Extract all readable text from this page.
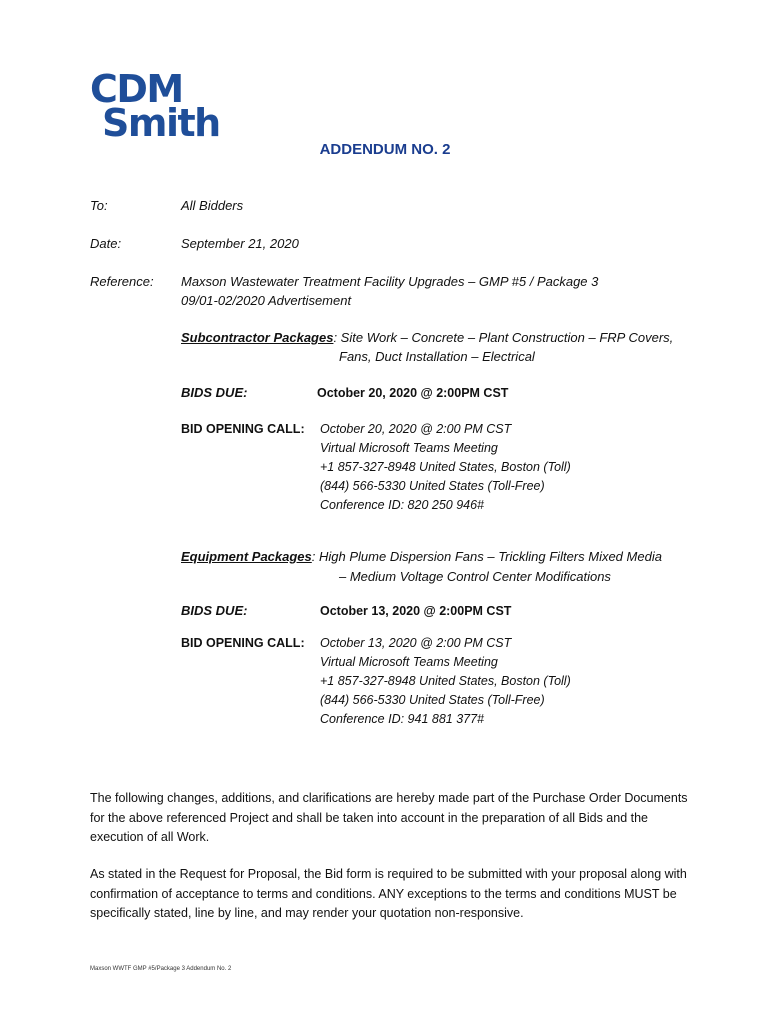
CDM
Smith
ADDENDUM NO. 2
To:	All Bidders
Date:	September 21, 2020
Reference: Maxson Wastewater Treatment Facility Upgrades – GMP #5 / Package 3
09/01-02/2020 Advertisement
Subcontractor Packages: Site Work – Concrete – Plant Construction – FRP Covers,
Fans, Duct Installation – Electrical
BIDS DUE:	October 20, 2020 @ 2:00PM CST
BID OPENING CALL: October 20, 2020 @ 2:00 PM CST
Virtual Microsoft Teams Meeting
+1 857-327-8948 United States, Boston (Toll)
(844) 566-5330 United States (Toll-Free)
Conference ID: 820 250 946#
Equipment Packages: High Plume Dispersion Fans – Trickling Filters Mixed Media
– Medium Voltage Control Center Modifications
BIDS DUE:	October 13, 2020 @ 2:00PM CST
BID OPENING CALL: October 13, 2020 @ 2:00 PM CST
Virtual Microsoft Teams Meeting
+1 857-327-8948 United States, Boston (Toll)
(844) 566-5330 United States (Toll-Free)
Conference ID: 941 881 377#
The following changes, additions, and clarifications are hereby made part of the Purchase Order Documents for the above referenced Project and shall be taken into account in the preparation of all Bids and the execution of all Work.
As stated in the Request for Proposal, the Bid form is required to be submitted with your proposal along with confirmation of acceptance to terms and conditions. ANY exceptions to the terms and conditions MUST be specifically stated, line by line, and may render your quotation non-responsive.
Maxson WWTF GMP #5/Package 3 Addendum No. 2
